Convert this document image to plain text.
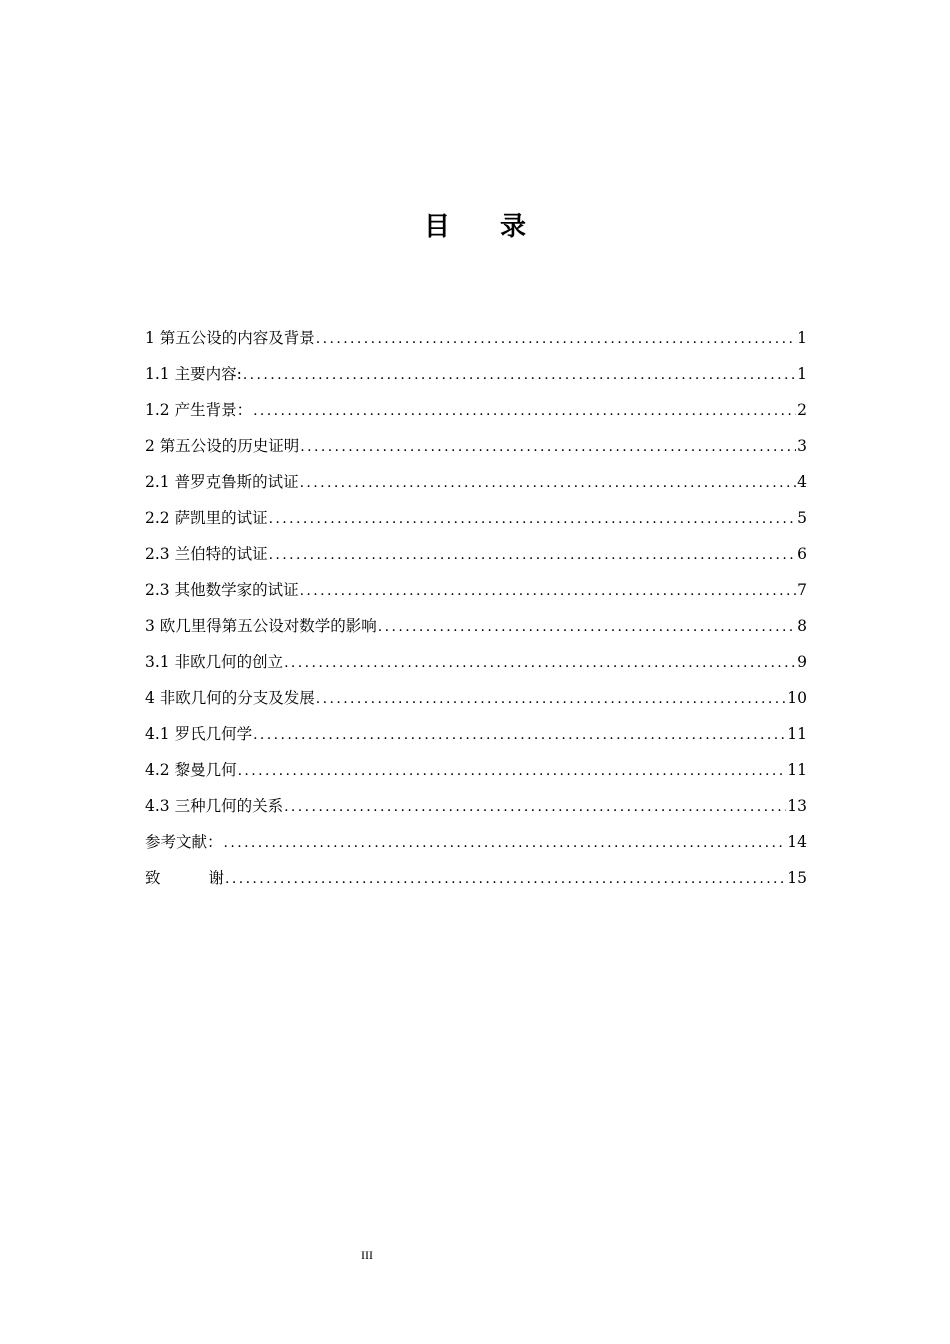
目 录
1 第五公设的内容及背景 .....	1
1.1 主要内容: .....	1
1.2 产生背景： .....	2
2 第五公设的历史证明 .....	3
2.1 普罗克鲁斯的试证 .....	4
2.2 萨凯里的试证 .....	5
2.3 兰伯特的试证 .....	6
2.3 其他数学家的试证 .....	7
3 欧几里得第五公设对数学的影响 .....	8
3.1 非欧几何的创立 .....	9
4 非欧几何的分支及发展 .....	10
4.1 罗氏几何学 .....	11
4.2 黎曼几何 .....	11
4.3 三种几何的关系 .....	13
参考文献： .....	14
致	谢 .....	15
III
